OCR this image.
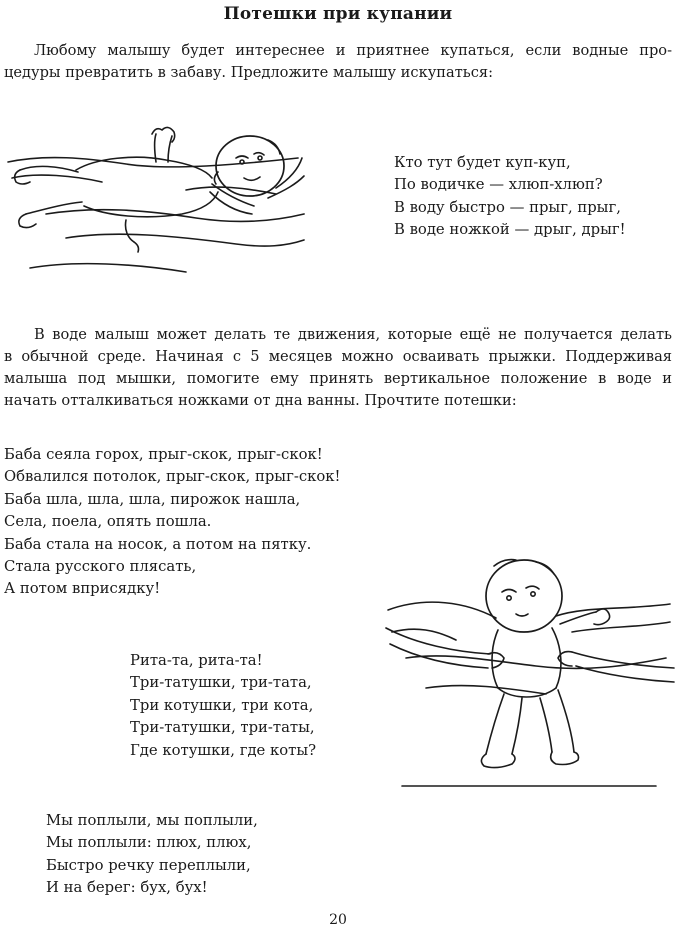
Потешки при купании
Любому малышу будет интереснее и приятнее купаться, если водные про-
цедуры превратить в забаву. Предложите малышу искупаться:
Кто тут будет куп-куп,
По водичке — хлюп-хлюп?
В воду быстро — прыг, прыг,
В воде ножкой — дрыг, дрыг!
В воде малыш может делать те движения, которые ещё не получается делать
в обычной среде. Начиная с 5 месяцев можно осваивать прыжки. Поддерживая
малыша под мышки, помогите ему принять вертикальное положение в воде и
начать отталкиваться ножками от дна ванны. Прочтите потешки:
Баба сеяла горох, прыг-скок, прыг-скок!
Обвалился потолок, прыг-скок, прыг-скок!
Баба шла, шла, шла, пирожок нашла,
Села, поела, опять пошла.
Баба стала на носок, а потом на пятку.
Стала русского плясать,
А потом вприсядку!
Рита-та, рита-та!
Три-татушки, три-тата,
Три котушки, три кота,
Три-татушки, три-таты,
Где котушки, где коты?
Мы поплыли, мы поплыли,
Мы поплыли: плюх, плюх,
Быстро речку переплыли,
И на берег: бух, бух!
20
